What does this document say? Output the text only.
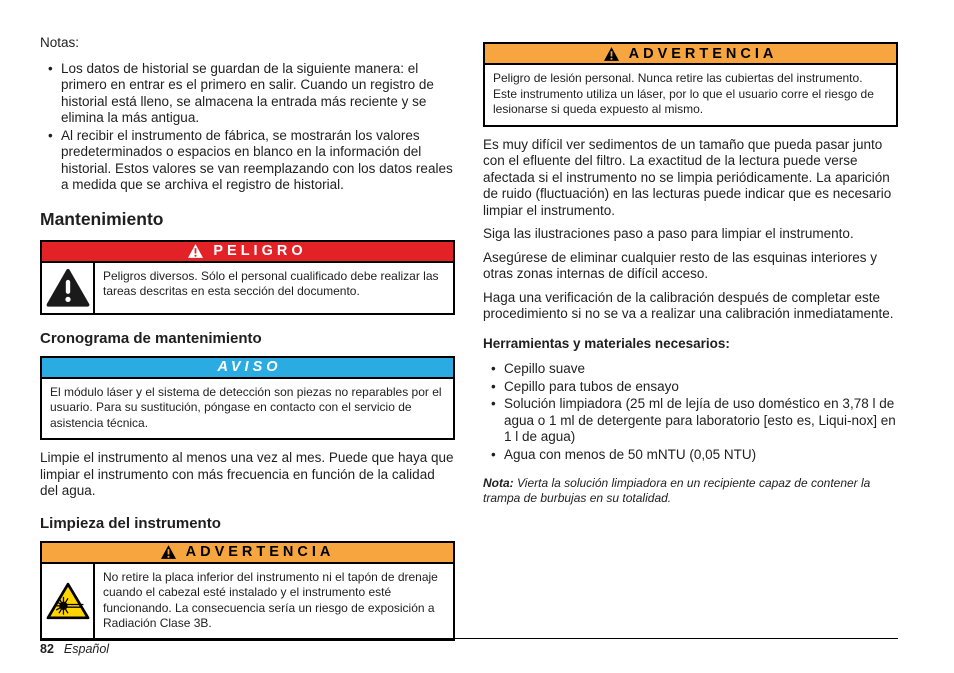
Notas:

• Los datos de historial se guardan de la siguiente manera: el primero en entrar es el primero en salir. Cuando un registro de historial está lleno, se almacena la entrada más reciente y se elimina la más antigua.
• Al recibir el instrumento de fábrica, se mostrarán los valores predeterminados o espacios en blanco en la información del historial. Estos valores se van reemplazando con los datos reales a medida que se archiva el registro de historial.
Mantenimiento
PELIGRO
Peligros diversos. Sólo el personal cualificado debe realizar las tareas descritas en esta sección del documento.
Cronograma de mantenimiento
AVISO
El módulo láser y el sistema de detección son piezas no reparables por el usuario. Para su sustitución, póngase en contacto con el servicio de asistencia técnica.

Limpie el instrumento al menos una vez al mes. Puede que haya que limpiar el instrumento con más frecuencia en función de la calidad del agua.

Limpieza del instrumento
ADVERTENCIA
No retire la placa inferior del instrumento ni el tapón de drenaje cuando el cabezal esté instalado y el instrumento esté funcionando. La consecuencia sería un riesgo de exposición a Radiación Clase 3B.
ADVERTENCIA
Peligro de lesión personal. Nunca retire las cubiertas del instrumento. Este instrumento utiliza un láser, por lo que el usuario corre el riesgo de lesionarse si queda expuesto al mismo.

Es muy difícil ver sedimentos de un tamaño que pueda pasar junto con el efluente del filtro. La exactitud de la lectura puede verse afectada si el instrumento no se limpia periódicamente. La aparición de ruido (fluctuación) en las lecturas puede indicar que es necesario limpiar el instrumento.

Siga las ilustraciones paso a paso para limpiar el instrumento.

Asegúrese de eliminar cualquier resto de las esquinas interiores y otras zonas internas de difícil acceso.

Haga una verificación de la calibración después de completar este procedimiento si no se va a realizar una calibración inmediatamente.

Herramientas y materiales necesarios:

• Cepillo suave
• Cepillo para tubos de ensayo
• Solución limpiadora (25 ml de lejía de uso doméstico en 3,78 l de agua o 1 ml de detergente para laboratorio [esto es, Liqui-nox] en 1 l de agua)
• Agua con menos de 50 mNTU (0,05 NTU)

Nota: Vierta la solución limpiadora en un recipiente capaz de contener la trampa de burbujas en su totalidad.

82 Español
